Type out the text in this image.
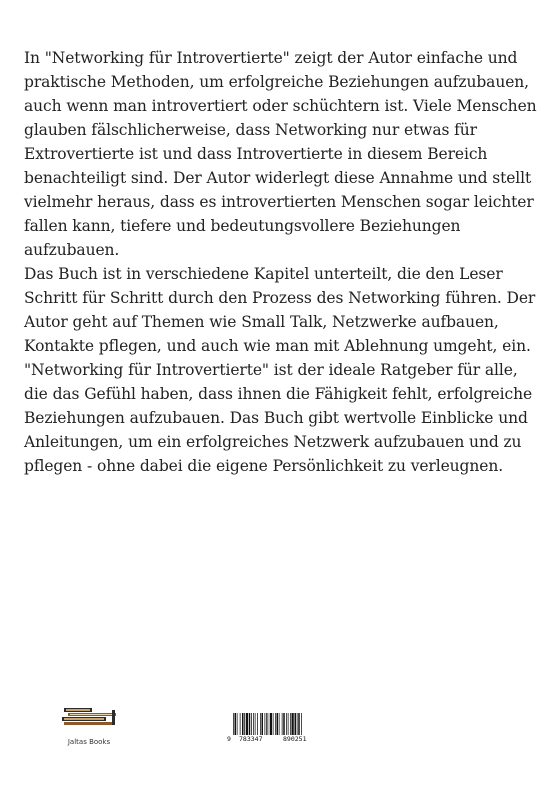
In "Networking für Introvertierte" zeigt der Autor einfache und praktische Methoden, um erfolgreiche Beziehungen aufzubauen, auch wenn man introvertiert oder schüchtern ist. Viele Menschen glauben fälschlicherweise, dass Networking nur etwas für Extrovertierte ist und dass Introvertierte in diesem Bereich benachteiligt sind. Der Autor widerlegt diese Annahme und stellt vielmehr heraus, dass es introvertierten Menschen sogar leichter fallen kann, tiefere und bedeutungsvollere Beziehungen aufzubauen.

Das Buch ist in verschiedene Kapitel unterteilt, die den Leser Schritt für Schritt durch den Prozess des Networking führen. Der Autor geht auf Themen wie Small Talk, Netzwerke aufbauen, Kontakte pflegen, und auch wie man mit Ablehnung umgeht, ein.

"Networking für Introvertierte" ist der ideale Ratgeber für alle, die das Gefühl haben, dass ihnen die Fähigkeit fehlt, erfolgreiche Beziehungen aufzubauen. Das Buch gibt wertvolle Einblicke und Anleitungen, um ein erfolgreiches Netzwerk aufzubauen und zu pflegen - ohne dabei die eigene Persönlichkeit zu verleugnen.

Jaltas Books	9 783347	890251
